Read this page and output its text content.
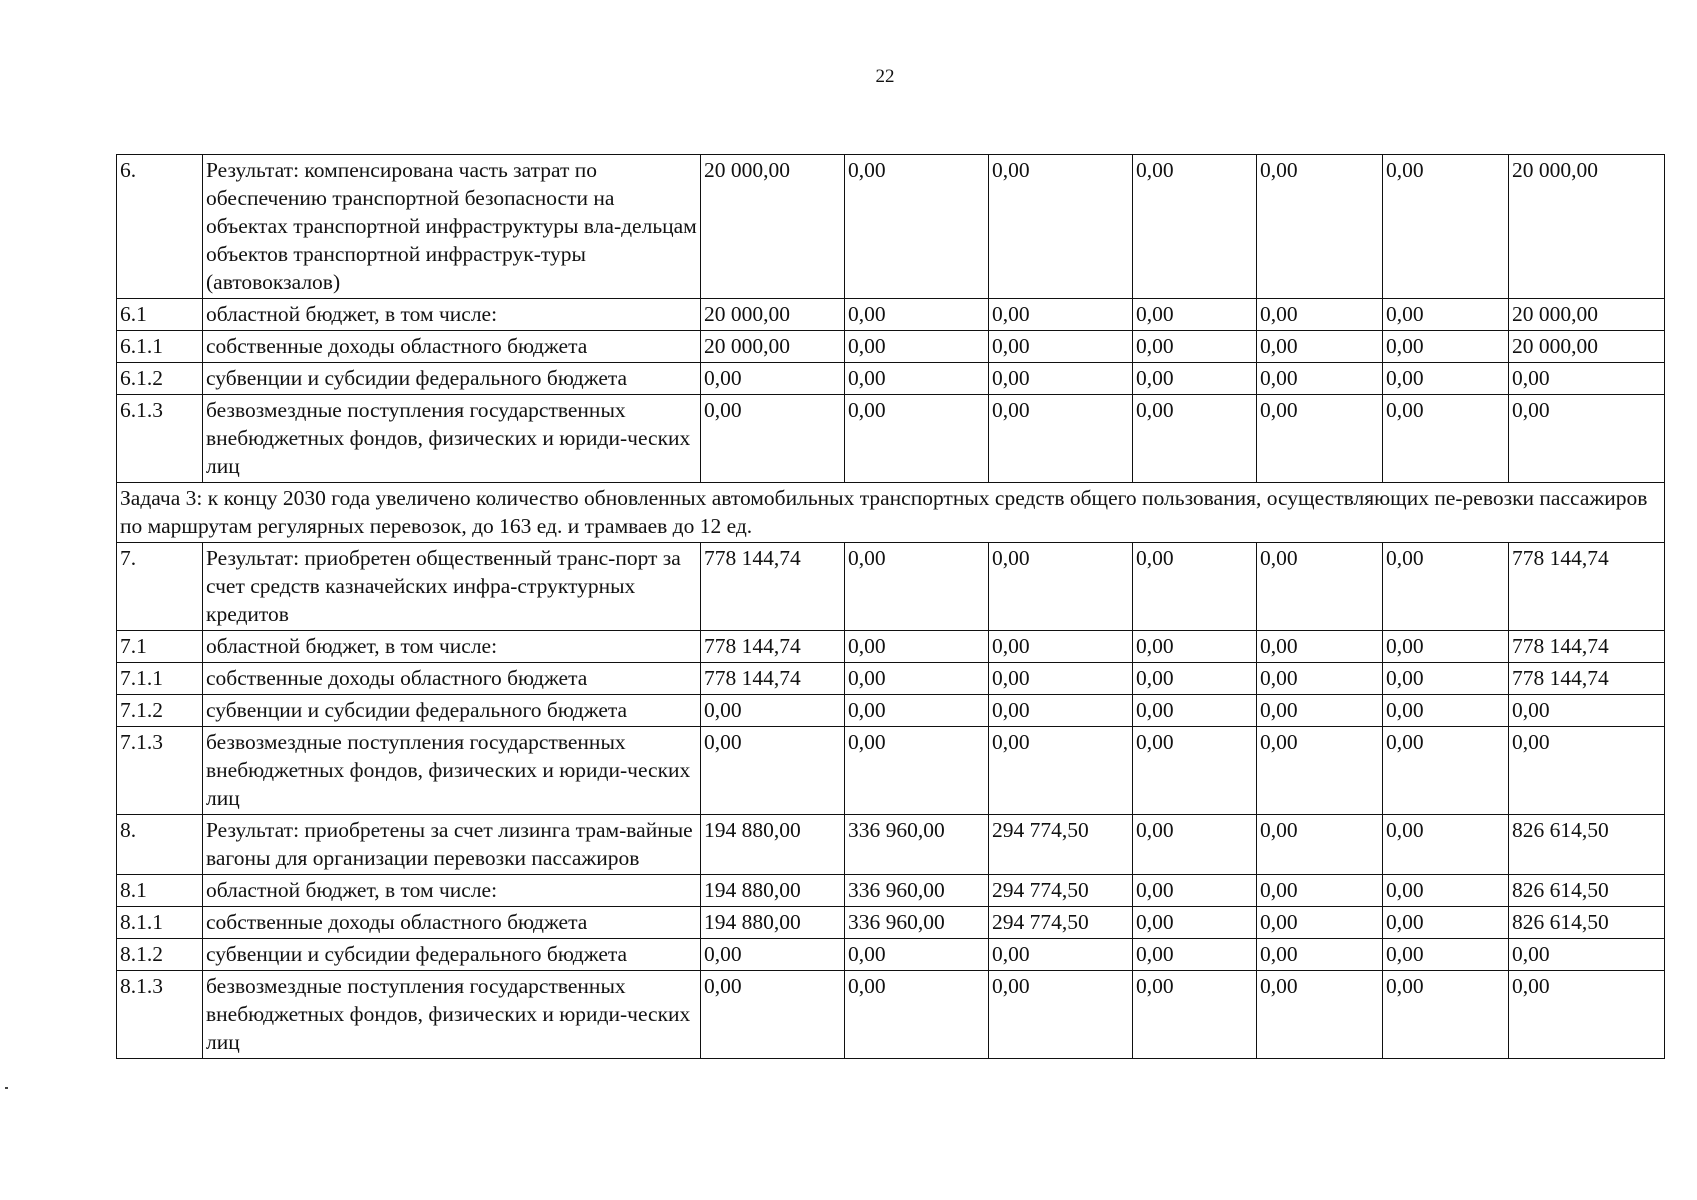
22
6.	Результат: компенсирована часть затрат по обеспечению транспортной безопасности на объектах транспортной инфраструктуры вла-дельцам объектов транспортной инфраструк-туры (автовокзалов)	20 000,00	0,00	0,00	0,00	0,00	0,00	20 000,00
6.1	областной бюджет, в том числе:	20 000,00	0,00	0,00	0,00	0,00	0,00	20 000,00
6.1.1	собственные доходы областного бюджета	20 000,00	0,00	0,00	0,00	0,00	0,00	20 000,00
6.1.2	субвенции и субсидии федерального бюджета	0,00	0,00	0,00	0,00	0,00	0,00	0,00
6.1.3	безвозмездные поступления государственных внебюджетных фондов, физических и юриди-ческих лиц	0,00	0,00	0,00	0,00	0,00	0,00	0,00
Задача 3: к концу 2030 года увеличено количество обновленных автомобильных транспортных средств общего пользования, осуществляющих пе-ревозки пассажиров по маршрутам регулярных перевозок, до 163 ед. и трамваев до 12 ед.								
7.	Результат: приобретен общественный транс-порт за счет средств казначейских инфра-структурных кредитов	778 144,74	0,00	0,00	0,00	0,00	0,00	778 144,74
7.1	областной бюджет, в том числе:	778 144,74	0,00	0,00	0,00	0,00	0,00	778 144,74
7.1.1	собственные доходы областного бюджета	778 144,74	0,00	0,00	0,00	0,00	0,00	778 144,74
7.1.2	субвенции и субсидии федерального бюджета	0,00	0,00	0,00	0,00	0,00	0,00	0,00
7.1.3	безвозмездные поступления государственных внебюджетных фондов, физических и юриди-ческих лиц	0,00	0,00	0,00	0,00	0,00	0,00	0,00
8.	Результат: приобретены за счет лизинга трам-вайные вагоны для организации перевозки пассажиров	194 880,00	336 960,00	294 774,50	0,00	0,00	0,00	826 614,50
8.1	областной бюджет, в том числе:	194 880,00	336 960,00	294 774,50	0,00	0,00	0,00	826 614,50
8.1.1	собственные доходы областного бюджета	194 880,00	336 960,00	294 774,50	0,00	0,00	0,00	826 614,50
8.1.2	субвенции и субсидии федерального бюджета	0,00	0,00	0,00	0,00	0,00	0,00	0,00
8.1.3	безвозмездные поступления государственных внебюджетных фондов, физических и юриди-ческих лиц	0,00	0,00	0,00	0,00	0,00	0,00	0,00
